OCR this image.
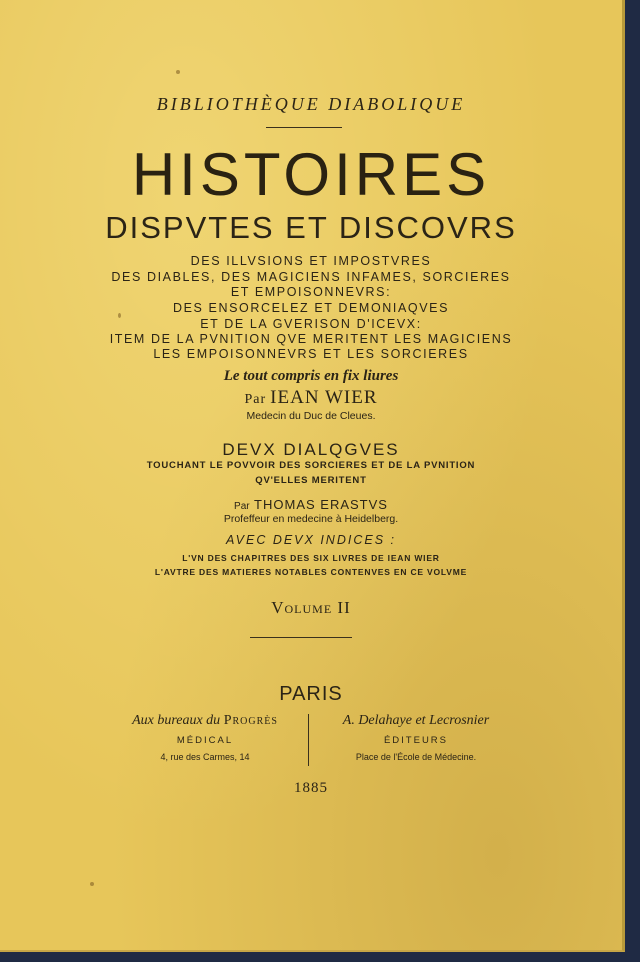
BIBLIOTHÈQUE DIABOLIQUE
HISTOIRES
DISPVTES ET DISCOVRS
DES ILLVSIONS ET IMPOSTVRES
DES DIABLES, DES MAGICIENS INFAMES, SORCIERES
ET EMPOISONNEVRS:
DES ENSORCELEZ ET DEMONIAQVES
ET DE LA GVERISON D'ICEVX:
ITEM DE LA PVNITION QVE MERITENT LES MAGICIENS
LES EMPOISONNEVRS ET LES SORCIERES
Le tout compris en fix liures
Par IEAN WIER
Medecin du Duc de Cleues.
DEVX DIALQGVES
TOUCHANT LE POVVOIR DES SORCIERES ET DE LA PVNITION
QV'ELLES MERITENT
Par THOMAS ERASTVS
Profeffeur en medecine à Heidelberg.
AVEC DEVX INDICES :
L'VN DES CHAPITRES DES SIX LIVRES DE IEAN WIER
L'AVTRE DES MATIERES NOTABLES CONTENVES EN CE VOLVME
Volume II
PARIS
Aux bureaux du Progrès
MÉDICAL
4, rue des Carmes, 14
A. Delahaye et Lecrosnier
ÉDITEURS
Place de l'École de Médecine.
1885
